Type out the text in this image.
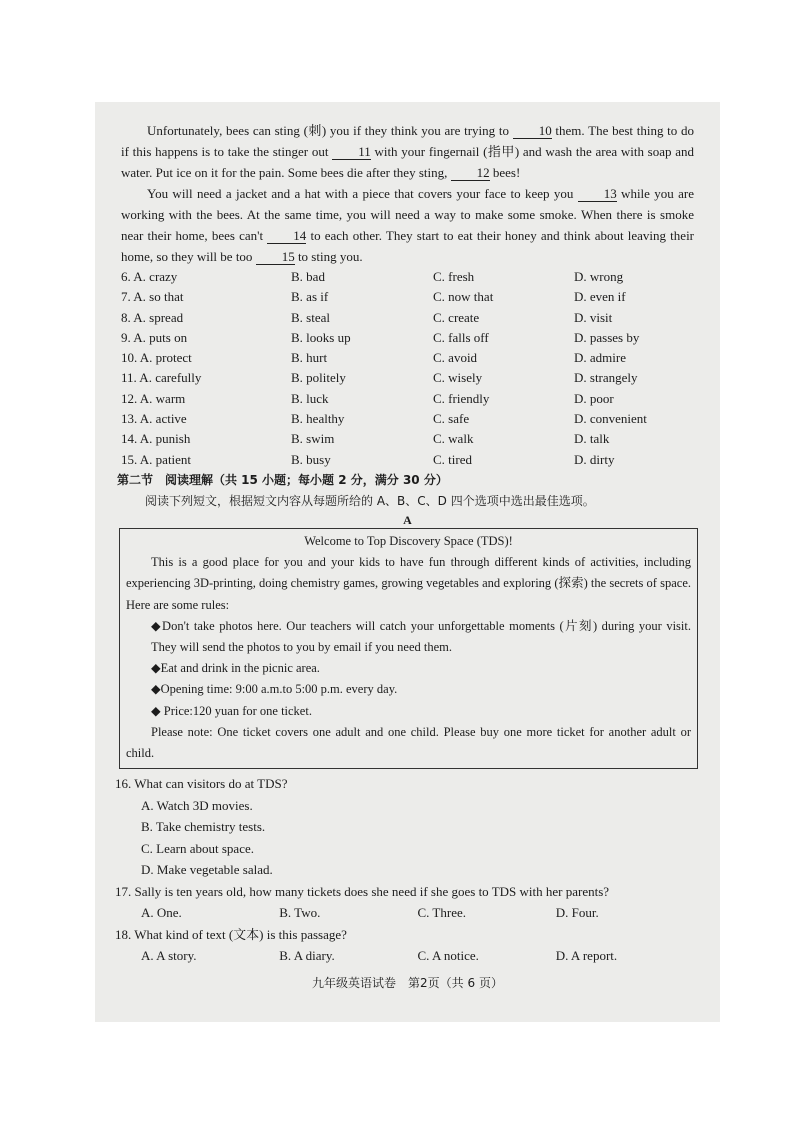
Unfortunately, bees can sting (刺) you if they think you are trying to 10 them. The best thing to do if this happens is to take the stinger out 11 with your fingernail (指甲) and wash the area with soap and water. Put ice on it for the pain. Some bees die after they sting, 12 bees!

You will need a jacket and a hat with a piece that covers your face to keep you 13 while you are working with the bees. At the same time, you will need a way to make some smoke. When there is smoke near their home, bees can't 14 to each other. They start to eat their honey and think about leaving their home, so they will be too 15 to sting you.

6. A. crazy	B. bad	C. fresh	D. wrong
7. A. so that	B. as if	C. now that	D. even if
8. A. spread	B. steal	C. create	D. visit
9. A. puts on	B. looks up	C. falls off	D. passes by
10. A. protect	B. hurt	C. avoid	D. admire
11. A. carefully	B. politely	C. wisely	D. strangely
12. A. warm	B. luck	C. friendly	D. poor
13. A. active	B. healthy	C. safe	D. convenient
14. A. punish	B. swim	C. walk	D. talk
15. A. patient	B. busy	C. tired	D. dirty
第二节　阅读理解（共 15 小题；每小题 2 分，满分 30 分）
阅读下列短文，根据短文内容从每题所给的 A、B、C、D 四个选项中选出最佳选项。
A
Welcome to Top Discovery Space (TDS)!

This is a good place for you and your kids to have fun through different kinds of activities, including experiencing 3D-printing, doing chemistry games, growing vegetables and exploring (探索) the secrets of space. Here are some rules:

◆Don't take photos here. Our teachers will catch your unforgettable moments (片刻) during your visit. They will send the photos to you by email if you need them.

◆Eat and drink in the picnic area.

◆Opening time: 9:00 a.m.to 5:00 p.m. every day.

◆ Price:120 yuan for one ticket.

Please note: One ticket covers one adult and one child. Please buy one more ticket for another adult or child.

16. What can visitors do at TDS?
A. Watch 3D movies.
B. Take chemistry tests.
C. Learn about space.
D. Make vegetable salad.
17. Sally is ten years old, how many tickets does she need if she goes to TDS with her parents?
A. One.	B. Two.	C. Three.	D. Four.
18. What kind of text (文本) is this passage?
A. A story.	B. A diary.	C. A notice.	D. A report.
九年级英语试卷　第2页（共 6 页）
